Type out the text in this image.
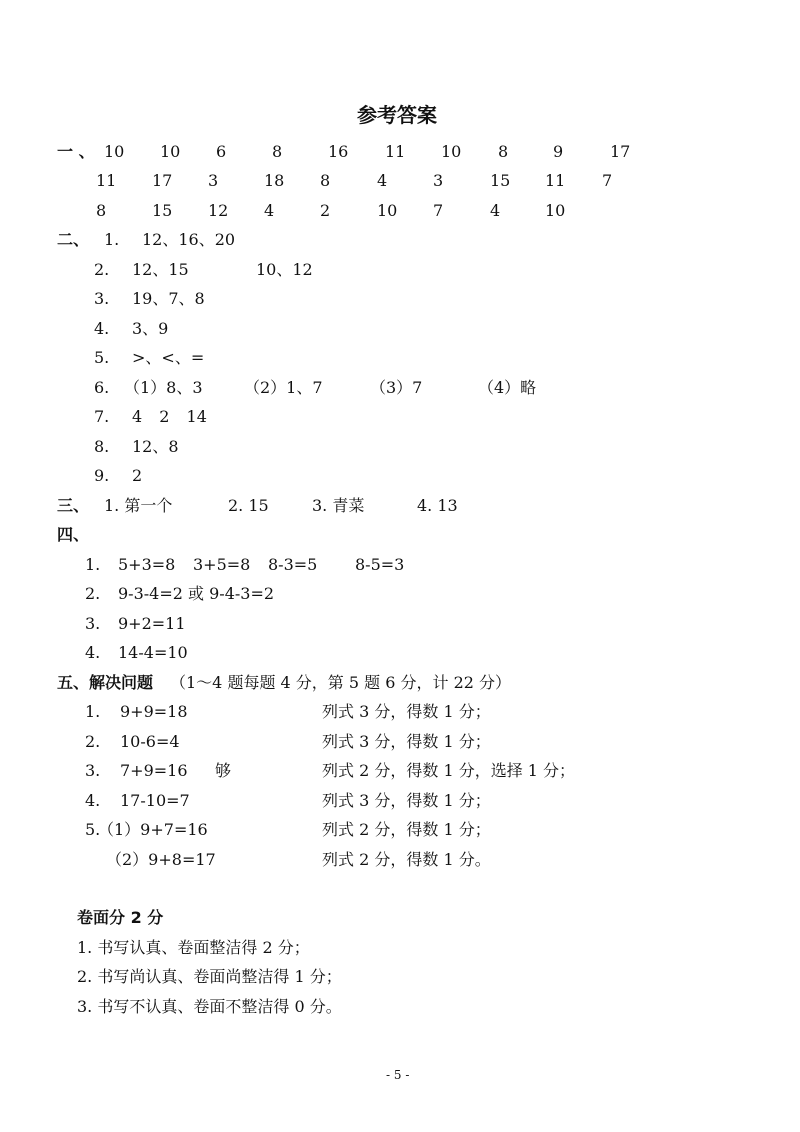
参考答案
一 、 10 10 6	8	16 11 10 8	9	17
11 17 3	18 8	4	3	15 11 7
8	15 12 4	2	10 7	4	10
二、 1. 12、16、20
2. 12、15	10、12
3. 19、7、8
4. 3、9
5. >、<、=
6. （1）8、3	（2）1、7	（3）7	（4）略
7. 4 2 14
8. 12、8
9. 2
三、 1. 第一个	2. 15	3. 青菜	4. 13
四、
1. 5+3=8 3+5=8 8-3=5 8-5=3
2. 9-3-4=2 或 9-4-3=2
3. 9+2=11
4. 14-4=10
五、解决问题 （1～4 题每题 4 分，第 5 题 6 分，计 22 分）
1. 9+9=18	列式 3 分，得数 1 分；
2. 10-6=4	列式 3 分，得数 1 分；
3. 7+9=16 够	列式 2 分，得数 1 分，选择 1 分；
4. 17-10=7	列式 3 分，得数 1 分；
5.
（1）9+7=16	列式 2 分，得数 1 分；
（2）9+8=17	列式 2 分，得数 1 分。
卷面分 2 分
1. 书写认真、卷面整洁得 2 分；
2. 书写尚认真、卷面尚整洁得 1 分；
3. 书写不认真、卷面不整洁得 0 分。
- 5 -
